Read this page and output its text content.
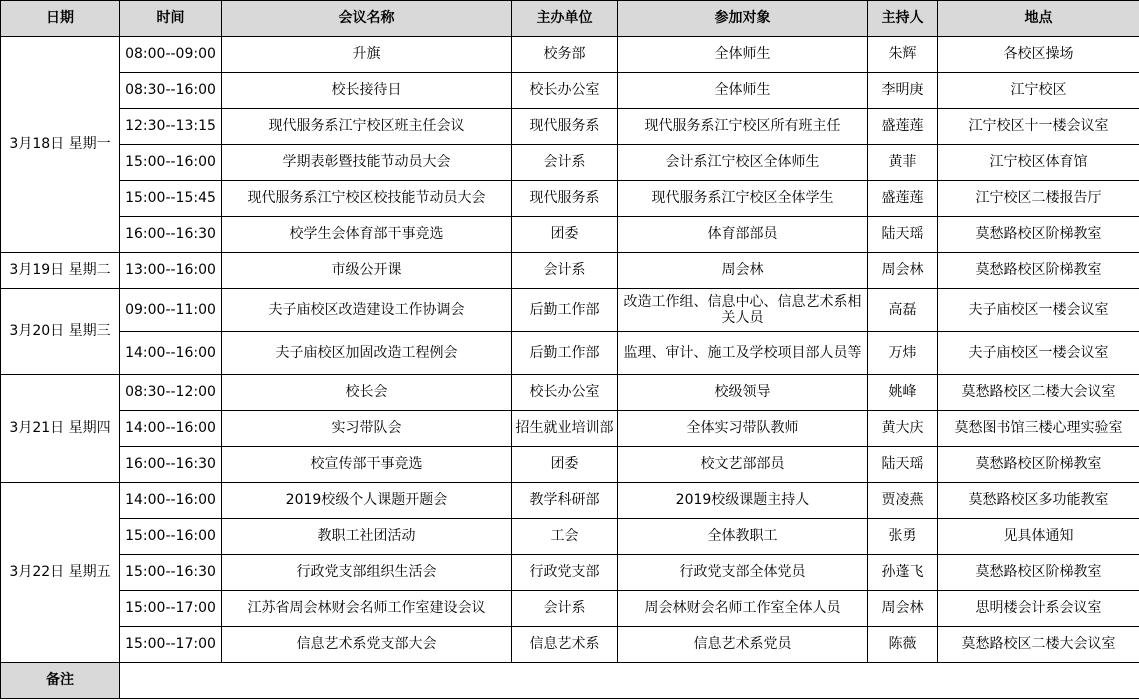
日期	时间	会议名称	主办单位	参加对象	主持人	地点
3月18日 星期一	08:00--09:00	升旗	校务部	全体师生	朱辉	各校区操场
	08:30--16:00	校长接待日	校长办公室	全体师生	李明庚	江宁校区
	12:30--13:15	现代服务系江宁校区班主任会议	现代服务系	现代服务系江宁校区所有班主任	盛莲莲	江宁校区十一楼会议室
	15:00--16:00	学期表彰暨技能节动员大会	会计系	会计系江宁校区全体师生	黄菲	江宁校区体育馆
	15:00--15:45	现代服务系江宁校区校技能节动员大会	现代服务系	现代服务系江宁校区全体学生	盛莲莲	江宁校区二楼报告厅
	16:00--16:30	校学生会体育部干事竞选	团委	体育部部员	陆天瑶	莫愁路校区阶梯教室
3月19日 星期二	13:00--16:00	市级公开课	会计系	周会林	周会林	莫愁路校区阶梯教室
3月20日 星期三	09:00--11:00	夫子庙校区改造建设工作协调会	后勤工作部	改造工作组、信息中心、信息艺术系相关人员	高磊	夫子庙校区一楼会议室
	14:00--16:00	夫子庙校区加固改造工程例会	后勤工作部	监理、审计、施工及学校项目部人员等	万炜	夫子庙校区一楼会议室
3月21日 星期四	08:30--12:00	校长会	校长办公室	校级领导	姚峰	莫愁路校区二楼大会议室
	14:00--16:00	实习带队会	招生就业培训部	全体实习带队教师	黄大庆	莫愁图书馆三楼心理实验室
	16:00--16:30	校宣传部干事竞选	团委	校文艺部部员	陆天瑶	莫愁路校区阶梯教室
3月22日 星期五	14:00--16:00	2019校级个人课题开题会	教学科研部	2019校级课题主持人	贾凌燕	莫愁路校区多功能教室
	15:00--16:00	教职工社团活动	工会	全体教职工	张勇	见具体通知
	15:00--16:30	行政党支部组织生活会	行政党支部	行政党支部全体党员	孙蓬飞	莫愁路校区阶梯教室
	15:00--17:00	江苏省周会林财会名师工作室建设会议	会计系	周会林财会名师工作室全体人员	周会林	思明楼会计系会议室
	15:00--17:00	信息艺术系党支部大会	信息艺术系	信息艺术系党员	陈薇	莫愁路校区二楼大会议室
备注						
